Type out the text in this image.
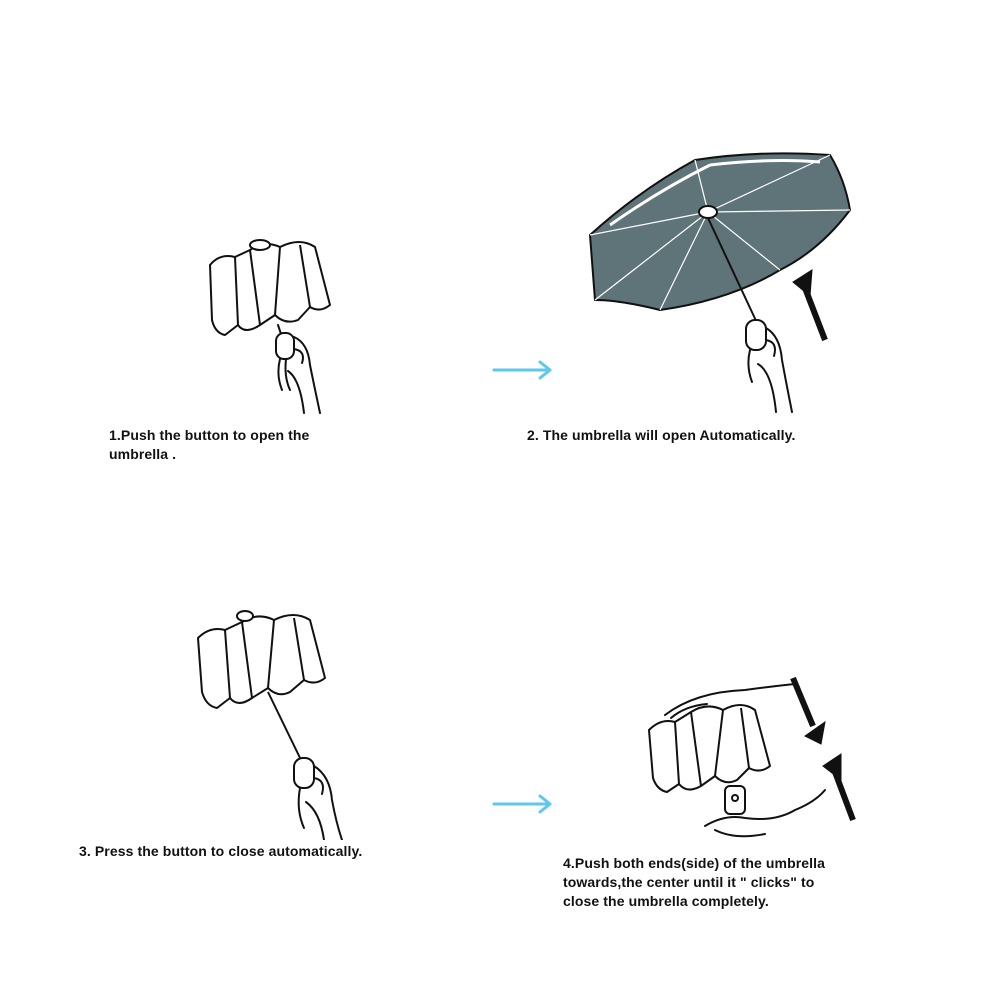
1.Push the button to open the
umbrella .

2. The umbrella will open Automatically.

3. Press the button to close automatically.

4.Push both ends(side) of the umbrella
towards,the center until it " clicks" to
close the umbrella completely.
